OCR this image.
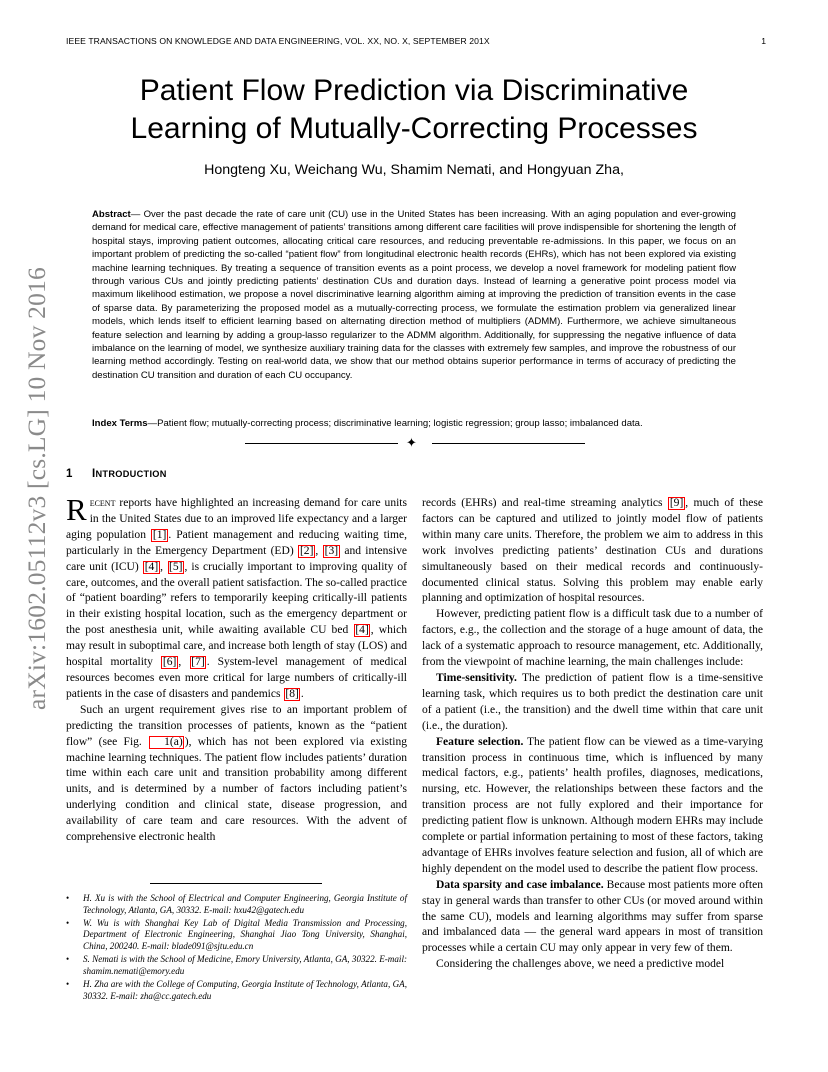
IEEE TRANSACTIONS ON KNOWLEDGE AND DATA ENGINEERING, VOL. XX, NO. X, SEPTEMBER 201X	1
arXiv:1602.05112v3 [cs.LG] 10 Nov 2016
Patient Flow Prediction via Discriminative
Learning of Mutually-Correcting Processes
Hongteng Xu, Weichang Wu, Shamim Nemati, and Hongyuan Zha,
Abstract— Over the past decade the rate of care unit (CU) use in the United States has been increasing. With an aging population and ever-growing demand for medical care, effective management of patients’ transitions among different care facilities will prove indispensible for shortening the length of hospital stays, improving patient outcomes, allocating critical care resources, and reducing preventable re-admissions. In this paper, we focus on an important problem of predicting the so-called “patient flow” from longitudinal electronic health records (EHRs), which has not been explored via existing machine learning techniques. By treating a sequence of transition events as a point process, we develop a novel framework for modeling patient flow through various CUs and jointly predicting patients’ destination CUs and duration days. Instead of learning a generative point process model via maximum likelihood estimation, we propose a novel discriminative learning algorithm aiming at improving the prediction of transition events in the case of sparse data. By parameterizing the proposed model as a mutually-correcting process, we formulate the estimation problem via generalized linear models, which lends itself to efficient learning based on alternating direction method of multipliers (ADMM). Furthermore, we achieve simultaneous feature selection and learning by adding a group-lasso regularizer to the ADMM algorithm. Additionally, for suppressing the negative influence of data imbalance on the learning of model, we synthesize auxiliary training data for the classes with extremely few samples, and improve the robustness of our learning method accordingly. Testing on real-world data, we show that our method obtains superior performance in terms of accuracy of predicting the destination CU transition and duration of each CU occupancy.
Index Terms—Patient flow; mutually-correcting process; discriminative learning; logistic regression; group lasso; imbalanced data.
✦
1 INTRODUCTION

Recent reports have highlighted an increasing demand for care units in the United States due to an improved life expectancy and a larger aging population [1] . Patient management and reducing waiting time, particularly in the Emergency Department (ED) [2] , [3] and intensive care unit (ICU) [4] , [5] , is crucially important to improving quality of care, outcomes, and the overall patient satisfaction. The so-called practice of “patient boarding” refers to temporarily keeping critically-ill patients in their existing hospital location, such as the emergency department or the post anesthesia unit, while awaiting available CU bed [4] , which may result in suboptimal care, and increase both length of stay (LOS) and hospital mortality [6] , [7] . System-level management of medical resources becomes even more critical for large numbers of critically-ill patients in the case of disasters and pandemics [8] .

Such an urgent requirement gives rise to an important problem of predicting the transition processes of patients, known as the “patient flow” (see Fig. 1(a) ), which has not been explored via existing machine learning techniques. The patient flow includes patients’ duration time within each care unit and transition probability among different units, and is determined by a number of factors including patient’s underlying condition and clinical state, disease progression, and availability of care team and care resources. With the advent of comprehensive electronic health

• H. Xu is with the School of Electrical and Computer Engineering, Georgia Institute of Technology, Atlanta, GA, 30332. E-mail: hxu42@gatech.edu
• W. Wu is with Shanghai Key Lab of Digital Media Transmission and Processing, Department of Electronic Engineering, Shanghai Jiao Tong University, Shanghai, China, 200240. E-mail: blade091@sjtu.edu.cn
• S. Nemati is with the School of Medicine, Emory University, Atlanta, GA, 30322. E-mail: shamim.nemati@emory.edu
• H. Zha are with the College of Computing, Georgia Institute of Technology, Atlanta, GA, 30332. E-mail: zha@cc.gatech.edu

records (EHRs) and real-time streaming analytics [9] , much of these factors can be captured and utilized to jointly model flow of patients within many care units. Therefore, the problem we aim to address in this work involves predicting patients’ destination CUs and durations simultaneously based on their medical records and continuously-documented clinical status. Solving this problem may enable early planning and optimization of hospital resources.

However, predicting patient flow is a difficult task due to a number of factors, e.g., the collection and the storage of a huge amount of data, the lack of a systematic approach to resource management, etc. Additionally, from the viewpoint of machine learning, the main challenges include:

Time-sensitivity. The prediction of patient flow is a time-sensitive learning task, which requires us to both predict the destination care unit of a patient (i.e., the transition) and the dwell time within that care unit (i.e., the duration).

Feature selection. The patient flow can be viewed as a time-varying transition process in continuous time, which is influenced by many medical factors, e.g., patients’ health profiles, diagnoses, medications, nursing, etc. However, the relationships between these factors and the transition process are not fully explored and their importance for predicting patient flow is unknown. Although modern EHRs may include complete or partial information pertaining to most of these factors, taking advantage of EHRs involves feature selection and fusion, all of which are highly dependent on the model used to describe the patient flow process.

Data sparsity and case imbalance. Because most patients more often stay in general wards than transfer to other CUs (or moved around within the same CU), models and learning algorithms may suffer from sparse and imbalanced data — the general ward appears in most of transition processes while a certain CU may only appear in very few of them.

Considering the challenges above, we need a predictive model
